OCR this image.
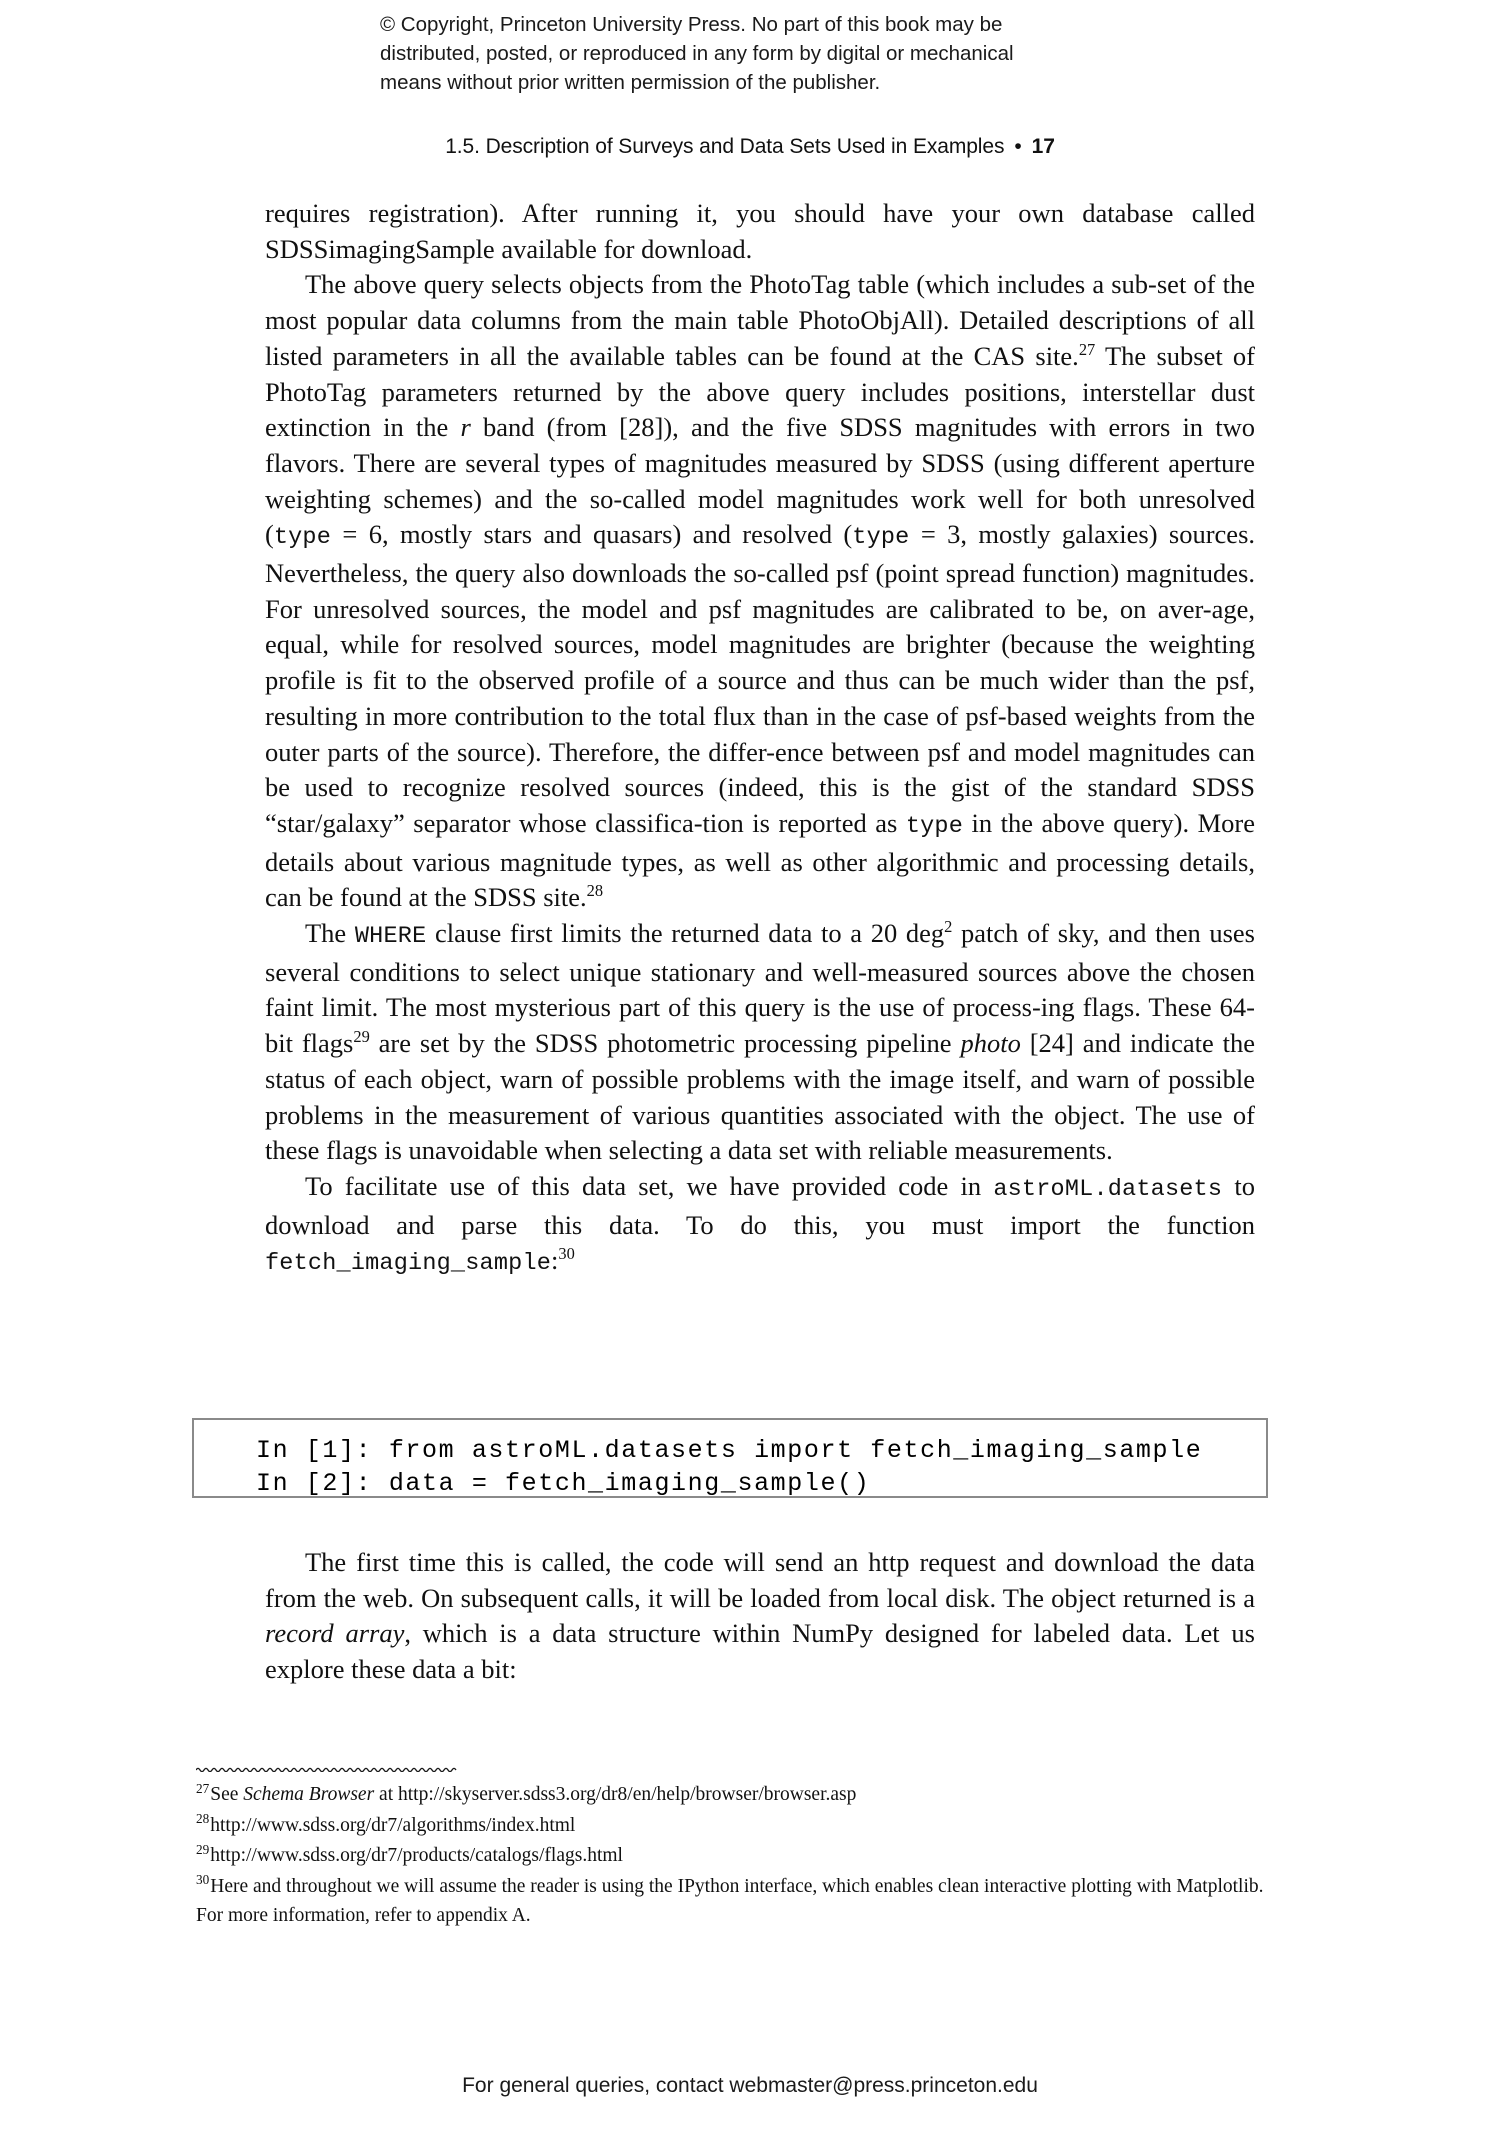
© Copyright, Princeton University Press. No part of this book may be
distributed, posted, or reproduced in any form by digital or mechanical
means without prior written permission of the publisher.
1.5. Description of Surveys and Data Sets Used in Examples • 17

requires registration). After running it, you should have your own database called SDSSimagingSample available for download.

The above query selects objects from the PhotoTag table (which includes a sub-set of the most popular data columns from the main table PhotoObjAll). Detailed descriptions of all listed parameters in all the available tables can be found at the CAS site.$^{27}$ The subset of PhotoTag parameters returned by the above query includes positions, interstellar dust extinction in the r band (from [28]), and the five SDSS magnitudes with errors in two flavors. There are several types of magnitudes measured by SDSS (using different aperture weighting schemes) and the so-called model magnitudes work well for both unresolved (type = 6, mostly stars and quasars) and resolved (type = 3, mostly galaxies) sources. Nevertheless, the query also downloads the so-called psf (point spread function) magnitudes. For unresolved sources, the model and psf magnitudes are calibrated to be, on aver-age, equal, while for resolved sources, model magnitudes are brighter (because the weighting profile is fit to the observed profile of a source and thus can be much wider than the psf, resulting in more contribution to the total flux than in the case of psf-based weights from the outer parts of the source). Therefore, the differ-ence between psf and model magnitudes can be used to recognize resolved sources (indeed, this is the gist of the standard SDSS “star/galaxy” separator whose classifica-tion is reported as type in the above query). More details about various magnitude types, as well as other algorithmic and processing details, can be found at the SDSS site.$^{28}$

The WHERE clause first limits the returned data to a 20 deg$^2$ patch of sky, and then uses several conditions to select unique stationary and well-measured sources above the chosen faint limit. The most mysterious part of this query is the use of process-ing flags. These 64-bit flags$^{29}$ are set by the SDSS photometric processing pipeline photo [24] and indicate the status of each object, warn of possible problems with the image itself, and warn of possible problems in the measurement of various quantities associated with the object. The use of these flags is unavoidable when selecting a data set with reliable measurements.

To facilitate use of this data set, we have provided code in astroML.datasets to download and parse this data. To do this, you must import the function fetch_imaging_sample:$^{30}$

In [1]: from astroML.datasets import fetch_imaging_sample
In [2]: data = fetch_imaging_sample()

The first time this is called, the code will send an http request and download the data from the web. On subsequent calls, it will be loaded from local disk. The object returned is a record array, which is a data structure within NumPy designed for labeled data. Let us explore these data a bit:

$^{27}$See Schema Browser at http://skyserver.sdss3.org/dr8/en/help/browser/browser.asp

$^{28}$http://www.sdss.org/dr7/algorithms/index.html

$^{29}$http://www.sdss.org/dr7/products/catalogs/flags.html

$^{30}$Here and throughout we will assume the reader is using the IPython interface, which enables clean interactive plotting with Matplotlib. For more information, refer to appendix A.

For general queries, contact webmaster@press.princeton.edu
